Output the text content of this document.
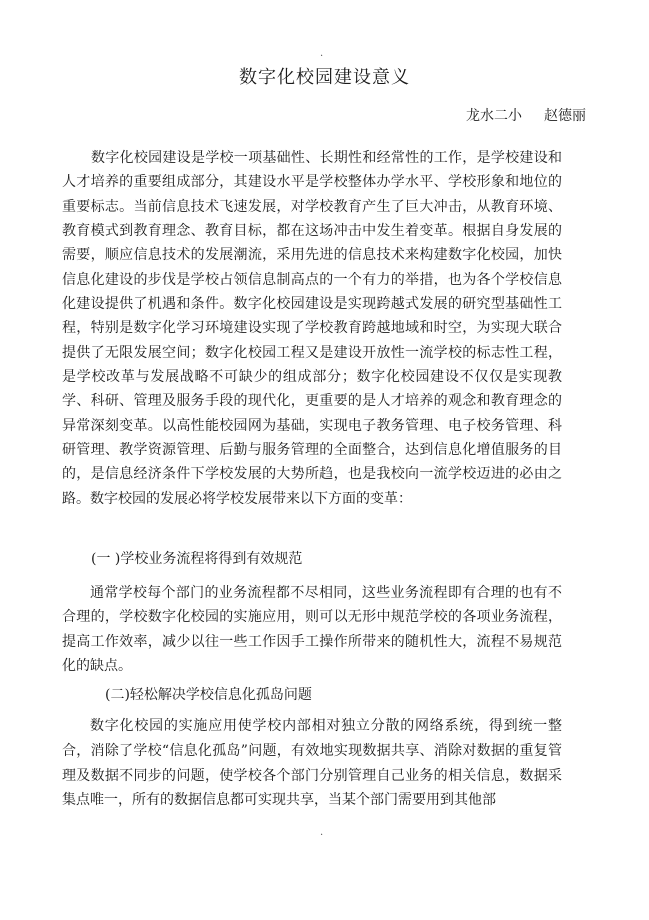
.
数字化校园建设意义
龙水二小 赵德丽

数字化校园建设是学校一项基础性、长期性和经常性的工作，是学校建设和人才培养的重要组成部分，其建设水平是学校整体办学水平、学校形象和地位的重要标志。当前信息技术飞速发展，对学校教育产生了巨大冲击，从教育环境、教育模式到教育理念、教育目标，都在这场冲击中发生着变革。根据自身发展的需要，顺应信息技术的发展潮流，采用先进的信息技术来构建数字化校园，加快信息化建设的步伐是学校占领信息制高点的一个有力的举措，也为各个学校信息化建设提供了机遇和条件。数字化校园建设是实现跨越式发展的研究型基础性工程，特别是数字化学习环境建设实现了学校教育跨越地域和时空，为实现大联合提供了无限发展空间；数字化校园工程又是建设开放性一流学校的标志性工程，是学校改革与发展战略不可缺少的组成部分；数字化校园建设不仅仅是实现教学、科研、管理及服务手段的现代化，更重要的是人才培养的观念和教育理念的异常深刻变革。以高性能校园网为基础，实现电子教务管理、电子校务管理、科研管理、教学资源管理、后勤与服务管理的全面整合，达到信息化增值服务的目的，是信息经济条件下学校发展的大势所趋，也是我校向一流学校迈进的必由之路。数字校园的发展必将学校发展带来以下方面的变革：

(一 )学校业务流程将得到有效规范

通常学校每个部门的业务流程都不尽相同，这些业务流程即有合理的也有不合理的，学校数字化校园的实施应用，则可以无形中规范学校的各项业务流程，提高工作效率，减少以往一些工作因手工操作所带来的随机性大，流程不易规范化的缺点。

(二)轻松解决学校信息化孤岛问题

数字化校园的实施应用使学校内部相对独立分散的网络系统，得到统一整合，消除了学校“信息化孤岛”问题，有效地实现数据共享、消除对数据的重复管理及数据不同步的问题，使学校各个部门分别管理自己业务的相关信息，数据采集点唯一，所有的数据信息都可实现共享，当某个部门需要用到其他部

.
